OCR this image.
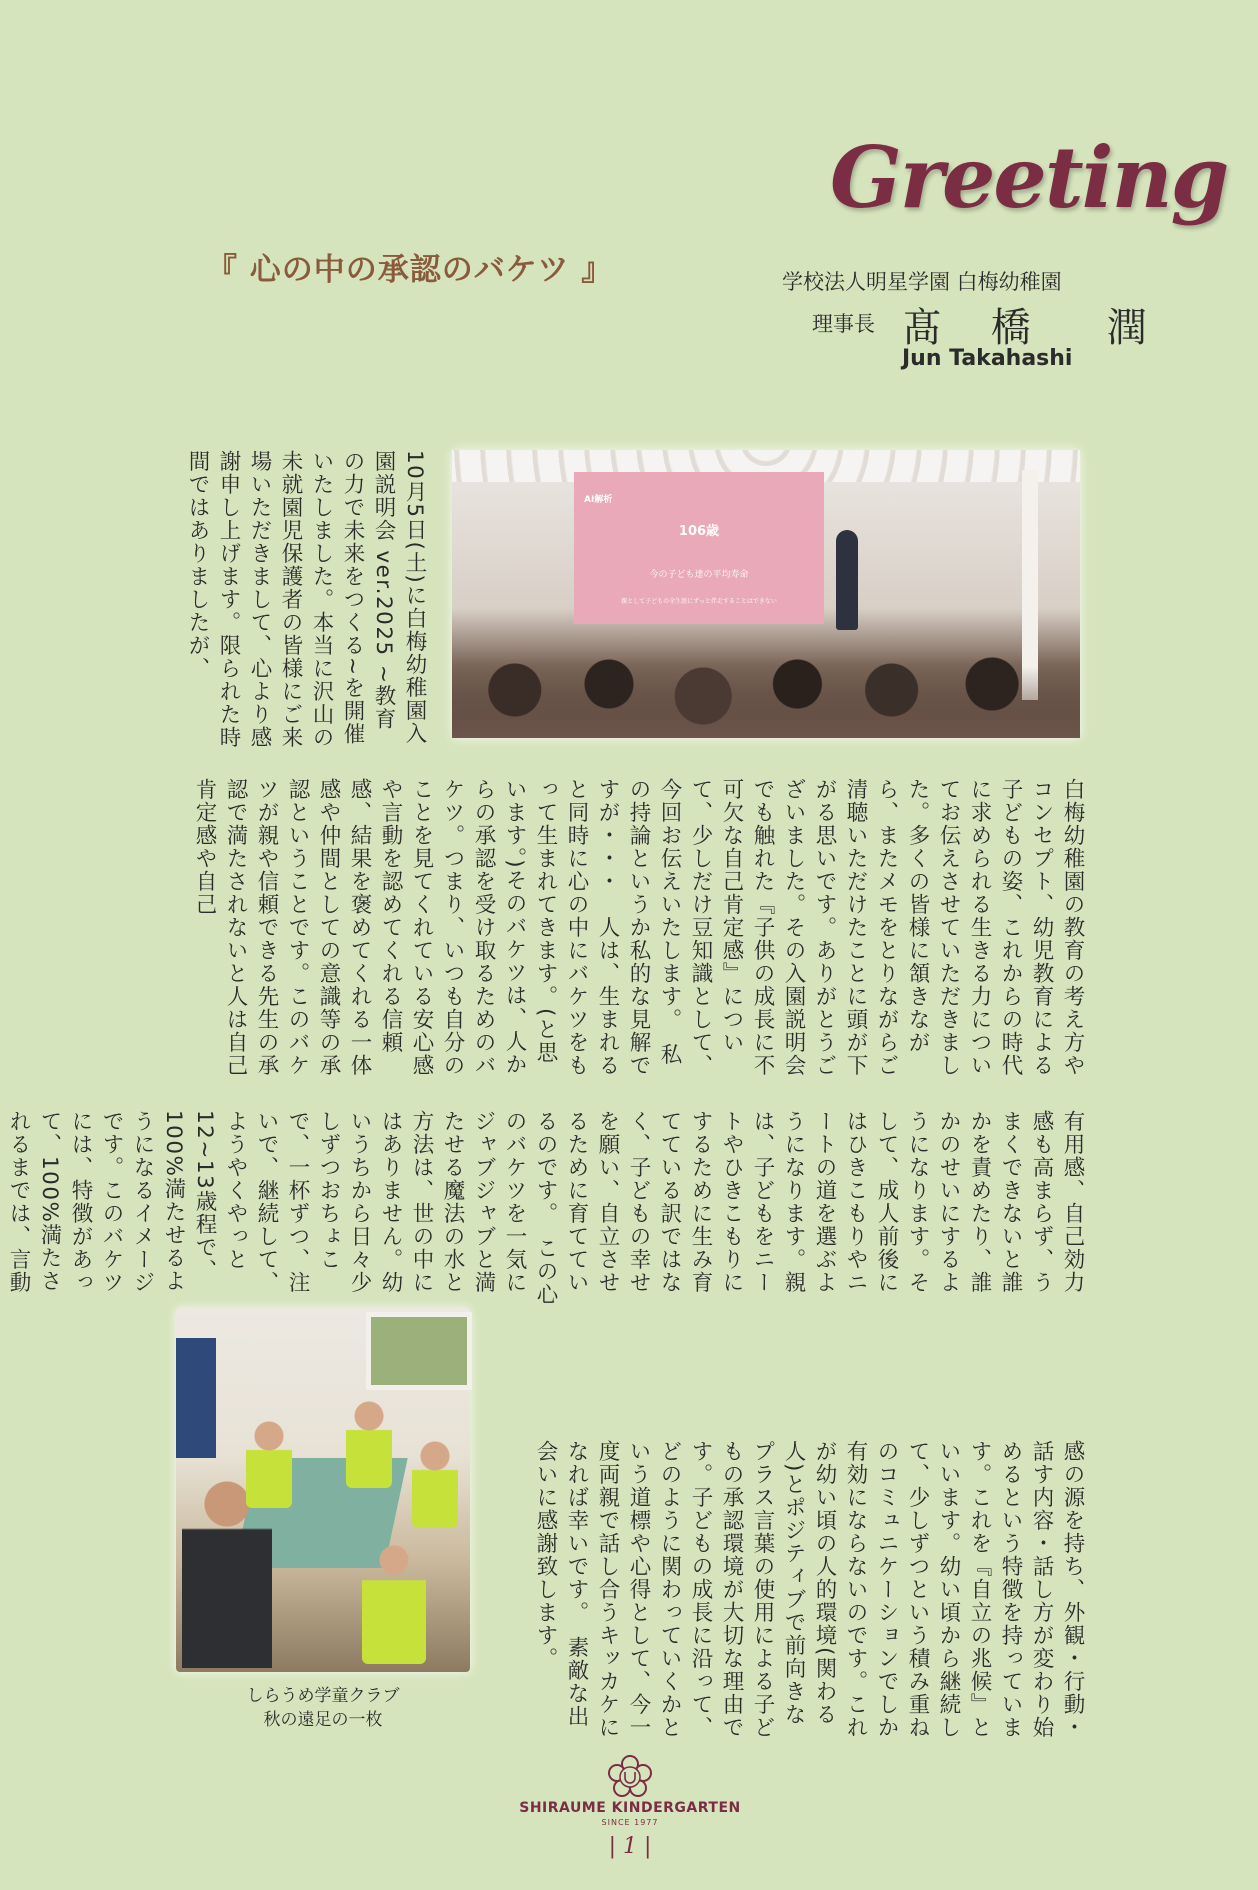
Greeting
『 心の中の承認のバケツ 』	学校法人明星学園 白梅幼稚園
理事長 髙 橋　潤
Jun Takahashi
AI解析
106歳
今の子ども達の平均寿命
親として子どもの全生涯にずっと伴走することはできない
10月5日(土)に白梅幼稚園入園説明会 ver.2025 ~教育の力で未来をつくる~を開催いたしました。本当に沢山の未就園児保護者の皆様にご来場いただきまして、心より感謝申し上げます。限られた時間ではありましたが、
白梅幼稚園の教育の考え方やコンセプト、幼児教育による子どもの姿、これからの時代に求められる生きる力についてお伝えさせていただきました。多くの皆様に頷きながら、またメモをとりながらご清聴いただけたことに頭が下がる思いです。ありがとうございました。その入園説明会でも触れた『子供の成長に不可欠な自己肯定感』について、少しだけ豆知識として、今回お伝えいたします。　私の持論というか私的な見解ですが・・・　人は、生まれると同時に心の中にバケツをもって生まれてきます。(と思います。)そのバケツは、人からの承認を受け取るためのバケツ。つまり、いつも自分のことを見てくれている安心感や言動を認めてくれる信頼感、結果を褒めてくれる一体感や仲間としての意識等の承認ということです。このバケツが親や信頼できる先生の承認で満たされないと人は自己肯定感や自己
有用感、自己効力感も高まらず、うまくできないと誰かを責めたり、誰かのせいにするようになります。そして、成人前後にはひきこもりやニートの道を選ぶようになります。親は、子どもをニートやひきこもりにするために生み育てている訳ではなく、子どもの幸せを願い、自立させるために育てているのです。　この心のバケツを一気にジャブジャブと満たせる魔法の水と方法は、世の中にはありません。幼いうちから日々少しずつおちょこで、一杯ずつ、注いで、継続して、ようやくやっと12~13歳程で、100%満たせるようになるイメージです。このバケツには、特徴があって、100%満たされるまでは、言動
感の源を持ち、外観・行動・話す内容・話し方が変わり始めるという特徴を持っています。これを『自立の兆候』といいます。幼い頃から継続して、少しずつという積み重ねのコミュニケーションでしか有効にならないのです。これが幼い頃の人的環境(関わる人)とポジティブで前向きなプラス言葉の使用による子どもの承認環境が大切な理由です。子どもの成長に沿って、どのように関わっていくかという道標や心得として、今一度両親で話し合うキッカケになれば幸いです。　素敵な出会いに感謝致します。
しらうめ学童クラブ
秋の遠足の一枚
SHIRAUME KINDERGARTEN
SINCE 1977
| 1 |
